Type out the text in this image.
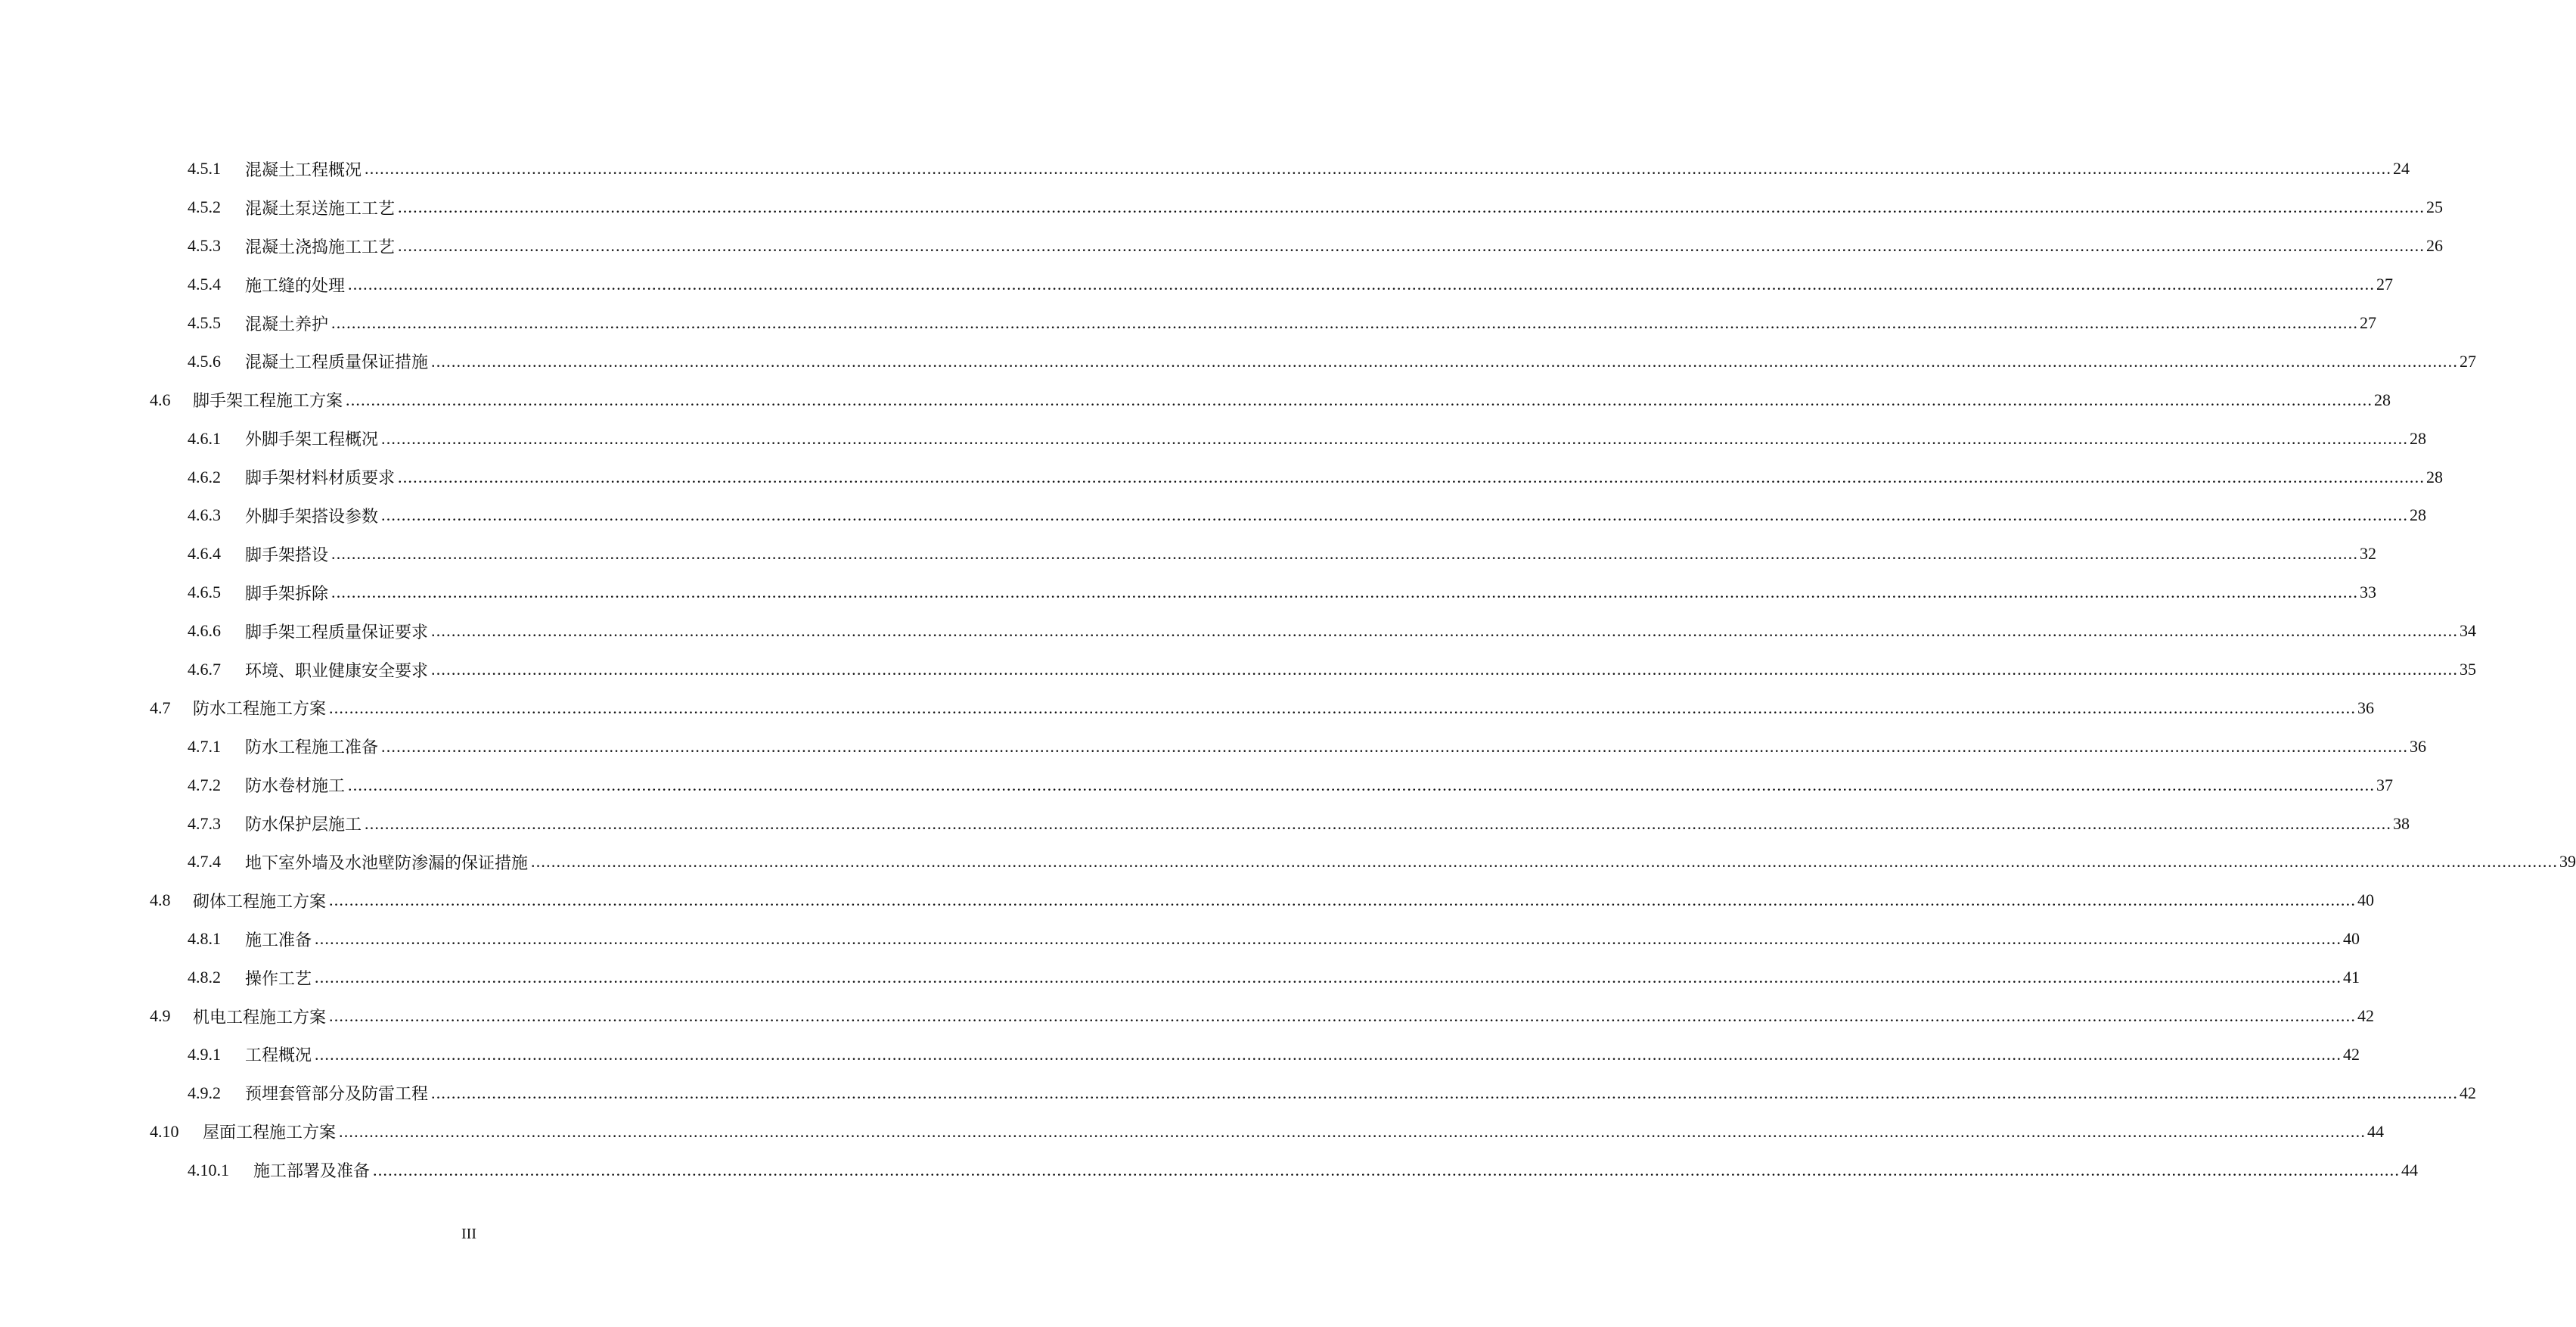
4.5.1 混凝土工程概况 ................................................................................................................................................................................................................................................................................................................................................................................................................ 24
4.5.2 混凝土泵送施工工艺 ................................................................................................................................................................................................................................................................................................................................................................................................................ 25
4.5.3 混凝土浇捣施工工艺 ................................................................................................................................................................................................................................................................................................................................................................................................................ 26
4.5.4 施工缝的处理 ................................................................................................................................................................................................................................................................................................................................................................................................................ 27
4.5.5 混凝土养护 ................................................................................................................................................................................................................................................................................................................................................................................................................ 27
4.5.6 混凝土工程质量保证措施 ................................................................................................................................................................................................................................................................................................................................................................................................................ 27
4.6 脚手架工程施工方案 ................................................................................................................................................................................................................................................................................................................................................................................................................ 28
4.6.1 外脚手架工程概况 ................................................................................................................................................................................................................................................................................................................................................................................................................ 28
4.6.2 脚手架材料材质要求 ................................................................................................................................................................................................................................................................................................................................................................................................................ 28
4.6.3 外脚手架搭设参数 ................................................................................................................................................................................................................................................................................................................................................................................................................ 28
4.6.4 脚手架搭设 ................................................................................................................................................................................................................................................................................................................................................................................................................ 32
4.6.5 脚手架拆除 ................................................................................................................................................................................................................................................................................................................................................................................................................ 33
4.6.6 脚手架工程质量保证要求 ................................................................................................................................................................................................................................................................................................................................................................................................................ 34
4.6.7 环境、职业健康安全要求 ................................................................................................................................................................................................................................................................................................................................................................................................................ 35
4.7 防水工程施工方案 ................................................................................................................................................................................................................................................................................................................................................................................................................ 36
4.7.1 防水工程施工准备 ................................................................................................................................................................................................................................................................................................................................................................................................................ 36
4.7.2 防水卷材施工 ................................................................................................................................................................................................................................................................................................................................................................................................................ 37
4.7.3 防水保护层施工 ................................................................................................................................................................................................................................................................................................................................................................................................................ 38
4.7.4 地下室外墙及水池壁防渗漏的保证措施 ................................................................................................................................................................................................................................................................................................................................................................................................................ 39
4.8 砌体工程施工方案 ................................................................................................................................................................................................................................................................................................................................................................................................................ 40
4.8.1 施工准备 ................................................................................................................................................................................................................................................................................................................................................................................................................ 40
4.8.2 操作工艺 ................................................................................................................................................................................................................................................................................................................................................................................................................ 41
4.9 机电工程施工方案 ................................................................................................................................................................................................................................................................................................................................................................................................................ 42
4.9.1 工程概况 ................................................................................................................................................................................................................................................................................................................................................................................................................ 42
4.9.2 预埋套管部分及防雷工程 ................................................................................................................................................................................................................................................................................................................................................................................................................ 42
4.10 屋面工程施工方案 ................................................................................................................................................................................................................................................................................................................................................................................................................ 44
4.10.1 施工部署及准备 ................................................................................................................................................................................................................................................................................................................................................................................................................ 44
III
